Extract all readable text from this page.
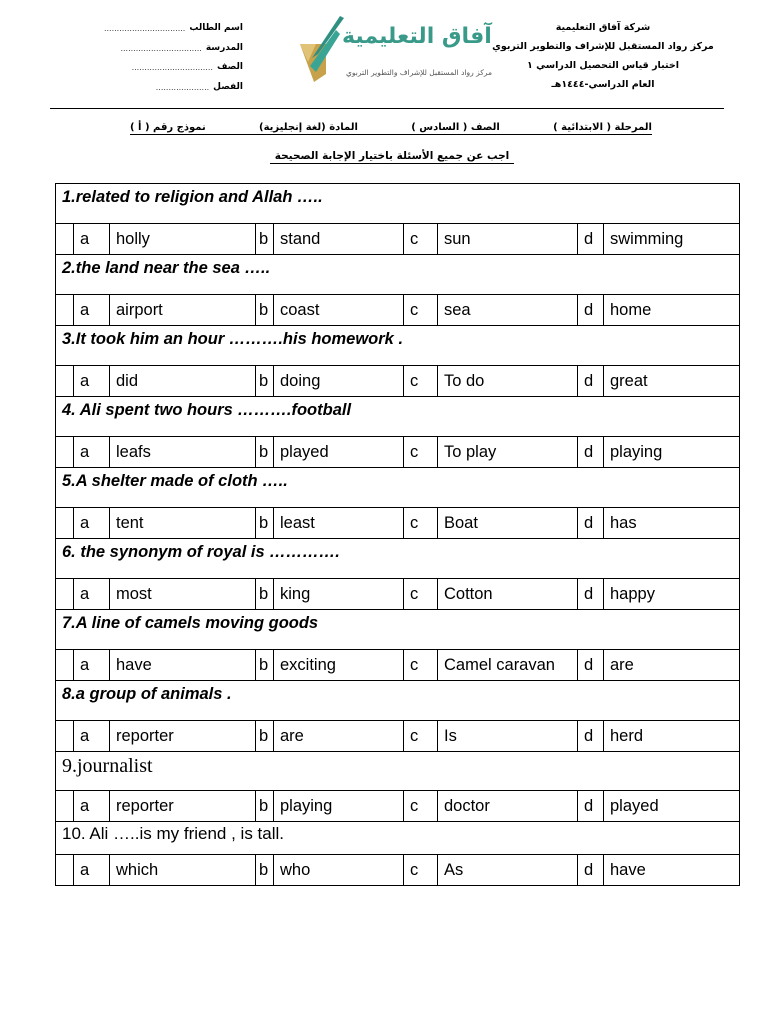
شركة آفاق التعليمية
مركز رواد المستقبل للإشراف والتطوير التربوي
اختبار قياس التحصيل الدراسي ١
العام الدراسي-١٤٤٤هـ
آفاق التعليمية
مركز رواد المستقبل للإشراف والتطوير التربوي
اسم الطالب
................................
المدرسة
................................
الصف
................................
الفصل
.....................
المرحلة ( الابتدائية )
الصف ( السادس )
المادة (لغة إنجليزية)
نموذج رقم ( أ )
اجب عن جميع الأسئلة باختيار الإجابة الصحيحة
1.related to religion and Allah …..								
	a	holly	b	stand	c	sun	d	swimming
2.the land near the sea …..								
	a	airport	b	coast	c	sea	d	home
3.It took him an hour ……….his homework .								
	a	did	b	doing	c	To do	d	great
4. Ali spent two hours ……….football								
	a	leafs	b	played	c	To play	d	playing
5.A shelter made of cloth …..								
	a	tent	b	least	c	Boat	d	has
6. the synonym of royal is ………….								
	a	most	b	king	c	Cotton	d	happy
7.A line of camels moving goods								
	a	have	b	exciting	c	Camel caravan	d	are
8.a group of animals .								
	a	reporter	b	are	c	Is	d	herd
9.journalist								
	a	reporter	b	playing	c	doctor	d	played
10. Ali …..is my friend , is tall.								
	a	which	b	who	c	As	d	have
